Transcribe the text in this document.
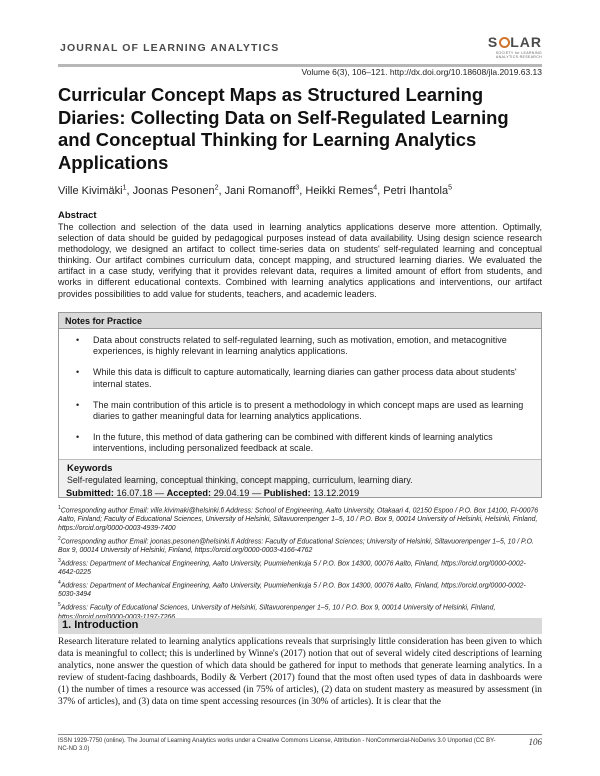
JOURNAL OF LEARNING ANALYTICS	S LAR
SOCIETY for LEARNING
ANALYTICS RESEARCH
Volume 6(3), 106–121. http://dx.doi.org/10.18608/jla.2019.63.13
Curricular Concept Maps as Structured Learning Diaries: Collecting Data on Self-Regulated Learning and Conceptual Thinking for Learning Analytics Applications
Ville Kivimäki$^1$, Joonas Pesonen$^2$, Jani Romanoff$^3$, Heikki Remes$^4$, Petri Ihantola$^5$
Abstract

The collection and selection of the data used in learning analytics applications deserve more attention. Optimally, selection of data should be guided by pedagogical purposes instead of data availability. Using design science research methodology, we designed an artifact to collect time-series data on students' self-regulated learning and conceptual thinking. Our artifact combines curriculum data, concept mapping, and structured learning diaries. We evaluated the artifact in a case study, verifying that it provides relevant data, requires a limited amount of effort from students, and works in different educational contexts. Combined with learning analytics applications and interventions, our artifact provides possibilities to add value for students, teachers, and academic leaders.

Notes for Practice
• Data about constructs related to self-regulated learning, such as motivation, emotion, and metacognitive experiences, is highly relevant in learning analytics applications.
• While this data is difficult to capture automatically, learning diaries can gather process data about students' internal states.
• The main contribution of this article is to present a methodology in which concept maps are used as learning diaries to gather meaningful data for learning analytics applications.
• In the future, this method of data gathering can be combined with different kinds of learning analytics interventions, including personalized feedback at scale.
Keywords
Self-regulated learning, conceptual thinking, concept mapping, curriculum, learning diary.
Submitted: 16.07.18 — Accepted: 29.04.19 — Published: 13.12.2019

$^1$Corresponding author Email: ville.kivimaki@helsinki.fi Address: School of Engineering, Aalto University, Otakaari 4, 02150 Espoo / P.O. Box 14100, FI-00076 Aalto, Finland; Faculty of Educational Sciences, University of Helsinki, Siltavuorenpenger 1–5, 10 / P.O. Box 9, 00014 University of Helsinki, Helsinki, Finland, https://orcid.org/0000-0003-4939-7400

$^2$Corresponding author Email: joonas.pesonen@helsinki.fi Address: Faculty of Educational Sciences; University of Helsinki, Siltavuorenpenger 1–5, 10 / P.O. Box 9, 00014 University of Helsinki, Finland, https://orcid.org/0000-0003-4166-4762

$^3$Address: Department of Mechanical Engineering, Aalto University, Puumiehenkuja 5 / P.O. Box 14300, 00076 Aalto, Finland, https://orcid.org/0000-0002-4642-0225

$^4$Address: Department of Mechanical Engineering, Aalto University, Puumiehenkuja 5 / P.O. Box 14300, 00076 Aalto, Finland, https://orcid.org/0000-0002-5030-3494

$^5$Address: Faculty of Educational Sciences, University of Helsinki, Siltavuorenpenger 1–5, 10 / P.O. Box 9, 00014 University of Helsinki, Finland,

1. Introduction

Research literature related to learning analytics applications reveals that surprisingly little consideration has been given to which data is meaningful to collect; this is underlined by Winne's (2017) notion that out of several widely cited descriptions of learning analytics, none answer the question of which data should be gathered for input to methods that generate learning analytics. In a review of student-facing dashboards, Bodily & Verbert (2017) found that the most often used types of data in dashboards were (1) the number of times a resource was accessed (in 75% of articles), (2) data on student mastery as measured by assessment (in 37% of articles), and (3) data on time spent accessing resources (in 30% of articles). It is clear that the

ISSN 1929-7750 (online). The Journal of Learning Analytics works under a Creative Commons License, Attribution - NonCommercial-NoDerivs 3.0 Unported (CC BY-NC-ND 3.0)
106
